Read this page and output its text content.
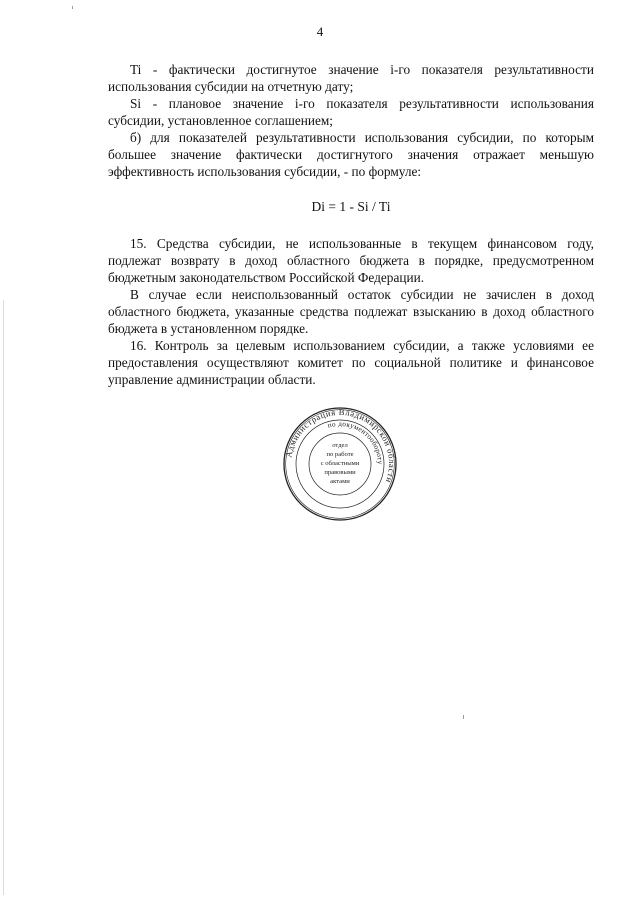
4

Ti - фактически достигнутое значение i-го показателя результативности использования субсидии на отчетную дату;

Si - плановое значение i-го показателя результативности использования субсидии, установленное соглашением;

б) для показателей результативности использования субсидии, по которым большее значение фактически достигнутого значения отражает меньшую эффективность использования субсидии, - по формуле:

Di = 1 - Si / Ti

15. Средства субсидии, не использованные в текущем финансовом году, подлежат возврату в доход областного бюджета в порядке, предусмотренном бюджетным законодательством Российской Федерации.

В случае если неиспользованный остаток субсидии не зачислен в доход областного бюджета, указанные средства подлежат взысканию в доход областного бюджета в установленном порядке.

16. Контроль за целевым использованием субсидии, а также условиями ее предоставления осуществляют комитет по социальной политике и финансовое управление администрации области.

Администрация Владимирской области
по документообороту
отдел
по работе
с областными
правовыми
актами
